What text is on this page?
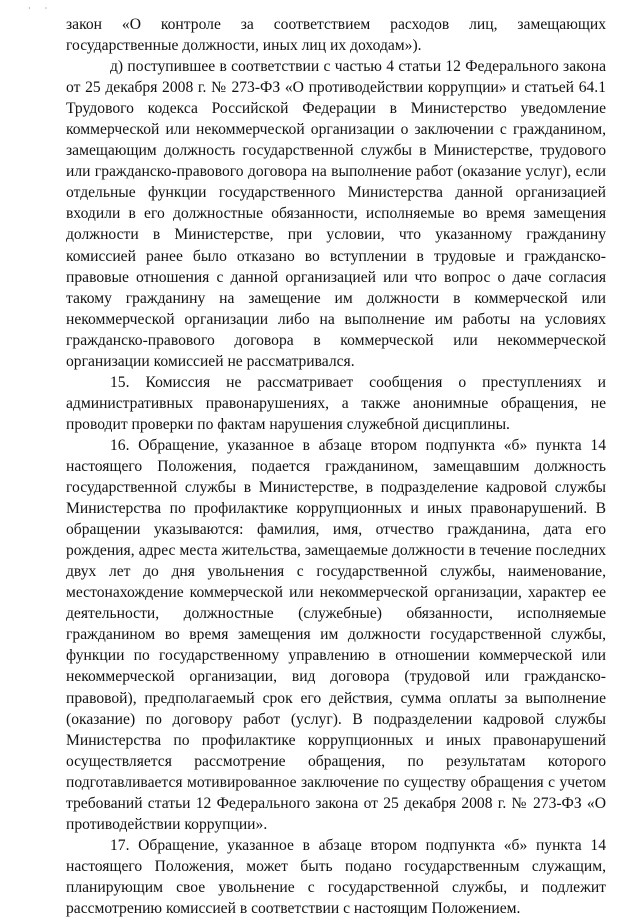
· ·

закон «О контроле за соответствием расходов лиц, замещающих государственные должности, иных лиц их доходам»).

д) поступившее в соответствии с частью 4 статьи 12 Федерального закона от 25 декабря 2008 г. № 273-ФЗ «О противодействии коррупции» и статьей 64.1 Трудового кодекса Российской Федерации в Министерство уведомление коммерческой или некоммерческой организации о заключении с гражданином, замещающим должность государственной службы в Министерстве, трудового или гражданско-правового договора на выполнение работ (оказание услуг), если отдельные функции государственного Министерства данной организацией входили в его должностные обязанности, исполняемые во время замещения должности в Министерстве, при условии, что указанному гражданину комиссией ранее было отказано во вступлении в трудовые и гражданско-правовые отношения с данной организацией или что вопрос о даче согласия такому гражданину на замещение им должности в коммерческой или некоммерческой организации либо на выполнение им работы на условиях гражданско-правового договора в коммерческой или некоммерческой организации комиссией не рассматривался.

15. Комиссия не рассматривает сообщения о преступлениях и административных правонарушениях, а также анонимные обращения, не проводит проверки по фактам нарушения служебной дисциплины.

16. Обращение, указанное в абзаце втором подпункта «б» пункта 14 настоящего Положения, подается гражданином, замещавшим должность государственной службы в Министерстве, в подразделение кадровой службы Министерства по профилактике коррупционных и иных правонарушений. В обращении указываются: фамилия, имя, отчество гражданина, дата его рождения, адрес места жительства, замещаемые должности в течение последних двух лет до дня увольнения с государственной службы, наименование, местонахождение коммерческой или некоммерческой организации, характер ее деятельности, должностные (служебные) обязанности, исполняемые гражданином во время замещения им должности государственной службы, функции по государственному управлению в отношении коммерческой или некоммерческой организации, вид договора (трудовой или гражданско-правовой), предполагаемый срок его действия, сумма оплаты за выполнение (оказание) по договору работ (услуг). В подразделении кадровой службы Министерства по профилактике коррупционных и иных правонарушений осуществляется рассмотрение обращения, по результатам которого подготавливается мотивированное заключение по существу обращения с учетом требований статьи 12 Федерального закона от 25 декабря 2008 г. № 273-ФЗ «О противодействии коррупции».

17. Обращение, указанное в абзаце втором подпункта «б» пункта 14 настоящего Положения, может быть подано государственным служащим, планирующим свое увольнение с государственной службы, и подлежит рассмотрению комиссией в соответствии с настоящим Положением.
